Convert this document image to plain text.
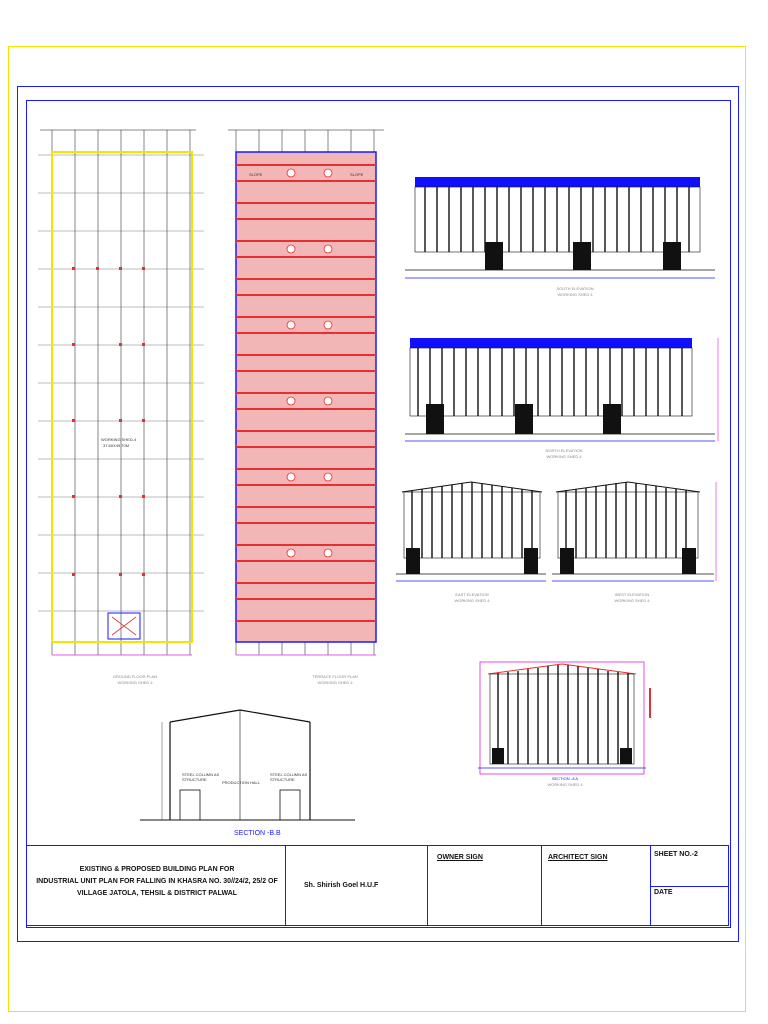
WORKING SHED-4
37.60X49.70M
GROUND FLOOR PLAN
WORKING SHED 4
SLOPE	SLOPE
TERRACE FLOOR PLAN
WORKING SHED 4
SOUTH ELEVATION
WORKING SHED 4
NORTH ELEVATION
WORKING SHED 4
EAST ELEVATION
WORKING SHED 4
WEST ELEVATION
WORKING SHED 4
SECTION -A A
WORKING SHED 4
STEEL COLUMN AS STRUCTURE
PRODUCTION HALL
STEEL COLUMN AS STRUCTURE
SECTION -B.B
EXISTING & PROPOSED BUILDING PLAN FOR
INDUSTRIAL UNIT PLAN FOR FALLING IN KHASRA NO. 30//24/2, 25/2 OF
VILLAGE JATOLA, TEHSIL & DISTRICT PALWAL
Sh. Shirish Goel H.U.F
OWNER SIGN	ARCHITECT SIGN	SHEET NO.-2
DATE
